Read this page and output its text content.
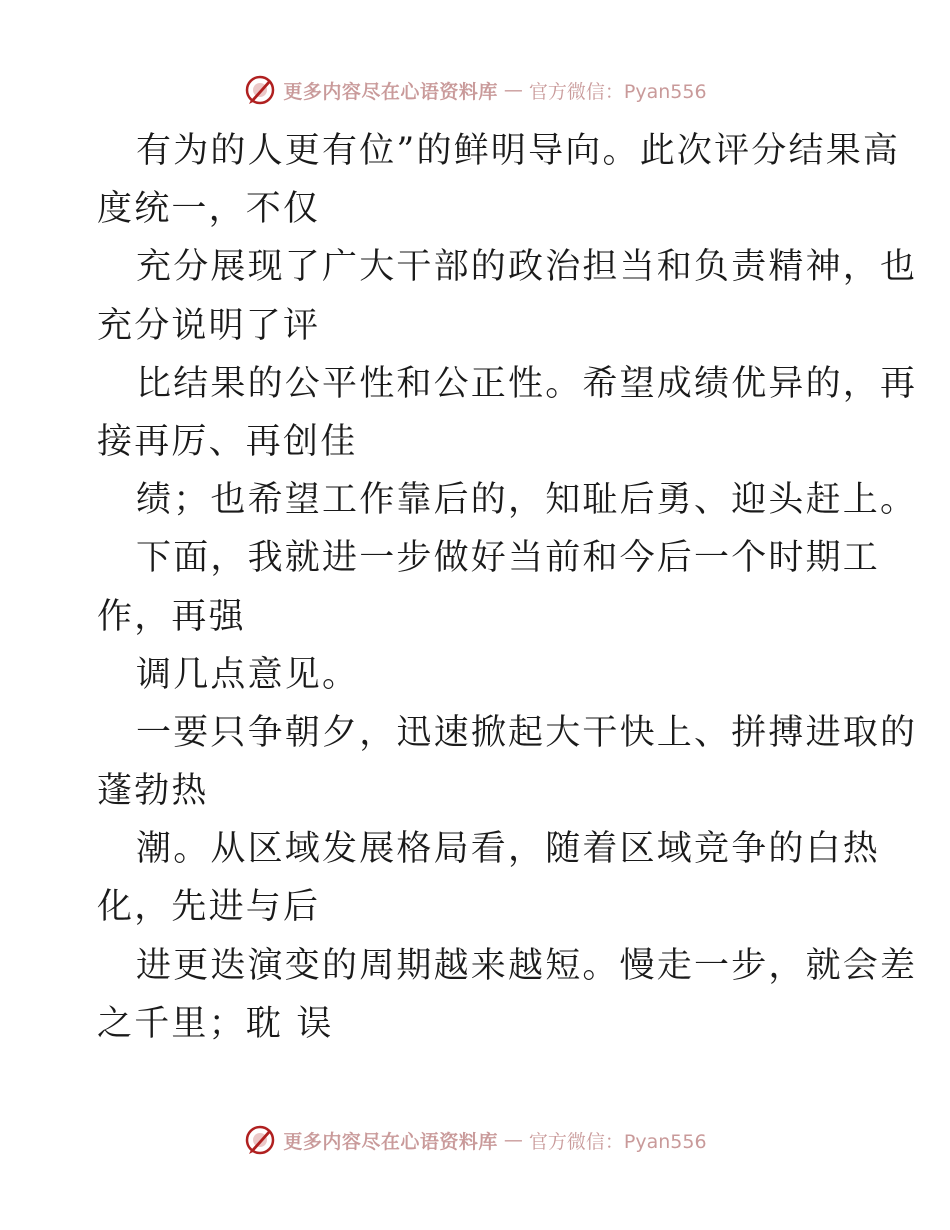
更多内容尽在心语资料库 — 官方微信：Pyan556
有为的人更有位”的鲜明导向。此次评分结果高
度统一，不仅
充分展现了广大干部的政治担当和负责精神，也
充分说明了评
比结果的公平性和公正性。希望成绩优异的，再
接再厉、再创佳
绩；也希望工作靠后的，知耻后勇、迎头赶上。
下面，我就进一步做好当前和今后一个时期工
作，再强
调几点意见。
一要只争朝夕，迅速掀起大干快上、拼搏进取的
蓬勃热
潮。从区域发展格局看，随着区域竞争的白热
化，先进与后
进更迭演变的周期越来越短。慢走一步，就会差
之千里；耽 误
更多内容尽在心语资料库 — 官方微信：Pyan556
